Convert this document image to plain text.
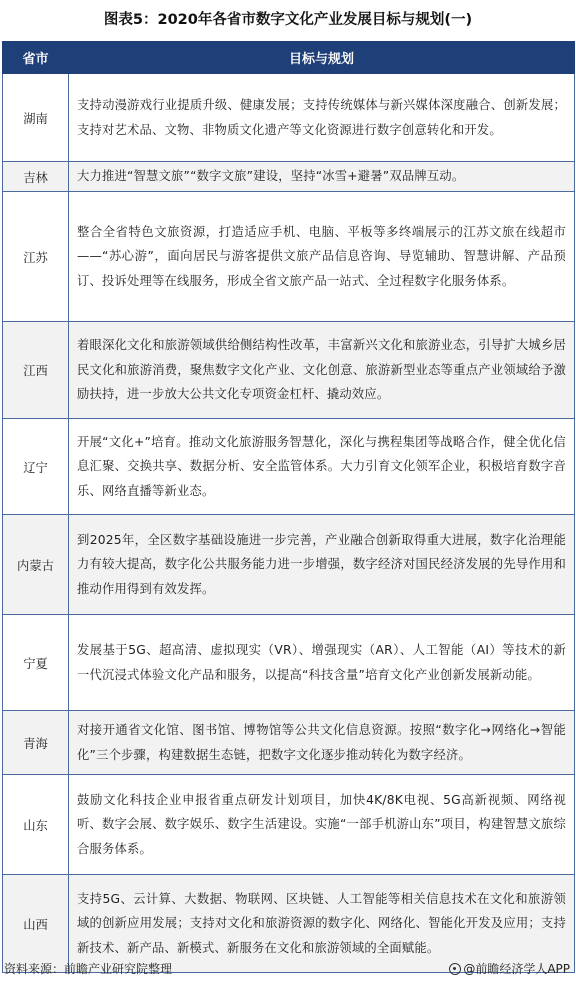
图表5：2020年各省市数字文化产业发展目标与规划(一)
省市	目标与规划
湖南	支持动漫游戏行业提质升级、健康发展；支持传统媒体与新兴媒体深度融合、创新发展；支持对艺术品、文物、非物质文化遗产等文化资源进行数字创意转化和开发。
吉林	大力推进“智慧文旅”“数字文旅”建设，坚持“冰雪+避暑”双品牌互动。
江苏	整合全省特色文旅资源，打造适应手机、电脑、平板等多终端展示的江苏文旅在线超市——“苏心游”，面向居民与游客提供文旅产品信息咨询、导览辅助、智慧讲解、产品预订、投诉处理等在线服务，形成全省文旅产品一站式、全过程数字化服务体系。
江西	着眼深化文化和旅游领域供给侧结构性改革，丰富新兴文化和旅游业态，引导扩大城乡居民文化和旅游消费，聚焦数字文化产业、文化创意、旅游新型业态等重点产业领域给予激励扶持，进一步放大公共文化专项资金杠杆、撬动效应。
辽宁	开展“文化+”培育。推动文化旅游服务智慧化，深化与携程集团等战略合作，健全优化信息汇聚、交换共享、数据分析、安全监管体系。大力引育文化领军企业，积极培育数字音乐、网络直播等新业态。
内蒙古	到2025年，全区数字基础设施进一步完善，产业融合创新取得重大进展，数字化治理能力有较大提高，数字化公共服务能力进一步增强，数字经济对国民经济发展的先导作用和推动作用得到有效发挥。
宁夏	发展基于5G、超高清、虚拟现实（VR）、增强现实（AR）、人工智能（AI）等技术的新一代沉浸式体验文化产品和服务，以提高“科技含量”培育文化产业创新发展新动能。
青海	对接开通省文化馆、图书馆、博物馆等公共文化信息资源。按照“数字化→网络化→智能化”三个步骤，构建数据生态链，把数字文化逐步推动转化为数字经济。
山东	鼓励文化科技企业申报省重点研发计划项目，加快4K/8K电视、5G高新视频、网络视听、数字会展、数字娱乐、数字生活建设。实施“一部手机游山东”项目，构建智慧文旅综合服务体系。
山西	支持5G、云计算、大数据、物联网、区块链、人工智能等相关信息技术在文化和旅游领域的创新应用发展；支持对文化和旅游资源的数字化、网络化、智能化开发及应用；支持新技术、新产品、新模式、新服务在文化和旅游领域的全面赋能。
资料来源：前瞻产业研究院整理	@前瞻经济学人APP
